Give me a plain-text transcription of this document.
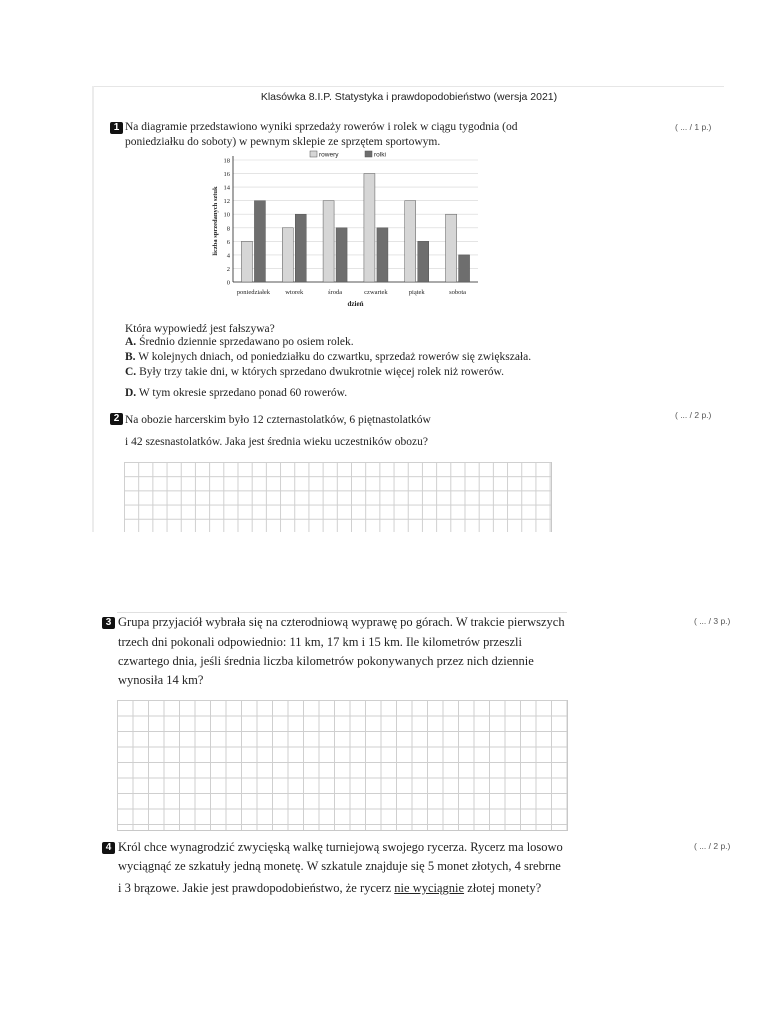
Klasówka 8.I.P. Statystyka i prawdopodobieństwo (wersja 2021)
1 Na diagramie przedstawiono wyniki sprzedaży rowerów i rolek w ciągu tygodnia (od
poniedziałku do soboty) w pewnym sklepie ze sprzętem sportowym.
( ... / 1 p.)
0
2
4
6
8
10
12
14
16
18
poniedziałek wtorek	środa	czwartek	piątek	sobota
dzień
liczba sprzedanych sztuk
rowery	rolki
Która wypowiedź jest fałszywa?
A. Średnio dziennie sprzedawano po osiem rolek.
B. W kolejnych dniach, od poniedziałku do czwartku, sprzedaż rowerów się zwiększała.
C. Były trzy takie dni, w których sprzedano dwukrotnie więcej rolek niż rowerów.
D. W tym okresie sprzedano ponad 60 rowerów.
2 Na obozie harcerskim było 12 czternastolatków, 6 piętnastolatków
i 42 szesnastolatków. Jaka jest średnia wieku uczestników obozu?
( ... / 2 p.)
3 Grupa przyjaciół wybrała się na czterodniową wyprawę po górach. W trakcie pierwszych
trzech dni pokonali odpowiednio: 11 km, 17 km i 15 km. Ile kilometrów przeszli
czwartego dnia, jeśli średnia liczba kilometrów pokonywanych przez nich dziennie
wynosiła 14 km?
( ... / 3 p.)
4 Król chce wynagrodzić zwycięską walkę turniejową swojego rycerza. Rycerz ma losowo
wyciągnąć ze szkatuły jedną monetę. W szkatule znajduje się 5 monet złotych, 4 srebrne
i 3 brązowe. Jakie jest prawdopodobieństwo, że rycerz nie wyciągnie złotej monety?
( ... / 2 p.)
